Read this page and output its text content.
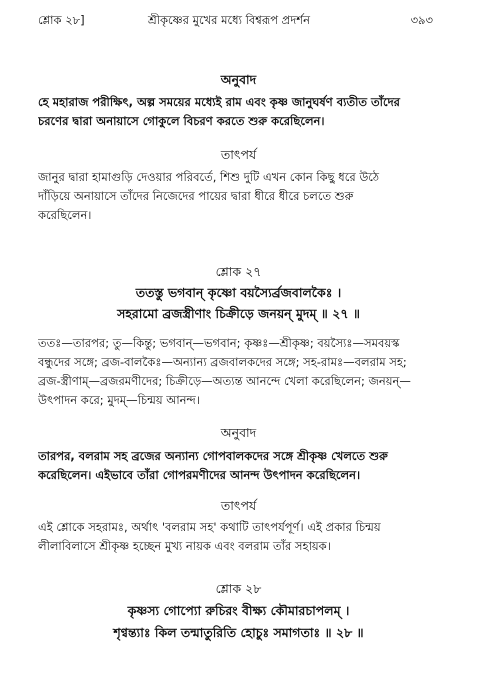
শ্লোক ২৮]	শ্রীকৃষ্ণের মুখের মধ্যে বিশ্বরূপ প্রদর্শন	৩৯৩
অনুবাদ

হে মহারাজ পরীক্ষিৎ, অল্প সময়ের মধ্যেই রাম এবং কৃষ্ণ জানুঘর্ষণ ব্যতীত তাঁদের

চরণের দ্বারা অনায়াসে গোকুলে বিচরণ করতে শুরু করেছিলেন।

তাৎপর্য

জানুর দ্বারা হামাগুড়ি দেওয়ার পরিবর্তে, শিশু দুটি এখন কোন কিছু ধরে উঠে

দাঁড়িয়ে অনায়াসে তাঁদের নিজেদের পায়ের দ্বারা ধীরে ধীরে চলতে শুরু

করেছিলেন।

শ্লোক ২৭
ততস্তু ভগবান্ কৃষ্ণো বয়স্যৈর্ব্রজবালকৈঃ ।
সহরামো ব্রজস্ত্রীণাং চিক্রীড়ে জনয়ন্ মুদম্ ॥ ২৭ ॥

ততঃ—তারপর; তু—কিন্তু; ভগবান্—ভগবান; কৃষ্ণঃ—শ্রীকৃষ্ণ; বয়স্যৈঃ—সমবয়স্ক

বন্ধুদের সঙ্গে; ব্রজ-বালকৈঃ—অন্যান্য ব্রজবালকদের সঙ্গে; সহ-রামঃ—বলরাম সহ;

ব্রজ-স্ত্রীণাম্—ব্রজরমণীদের; চিক্রীড়ে—অত্যন্ত আনন্দে খেলা করেছিলেন; জনয়ন্—

উৎপাদন করে; মুদম্—চিন্ময় আনন্দ।

অনুবাদ

তারপর, বলরাম সহ ব্রজের অন্যান্য গোপবালকদের সঙ্গে শ্রীকৃষ্ণ খেলতে শুরু

করেছিলেন। এইভাবে তাঁরা গোপরমণীদের আনন্দ উৎপাদন করেছিলেন।

তাৎপর্য

এই শ্লোকে সহরামঃ, অর্থাৎ 'বলরাম সহ' কথাটি তাৎপর্যপূর্ণ। এই প্রকার চিন্ময়

লীলাবিলাসে শ্রীকৃষ্ণ হচ্ছেন মুখ্য নায়ক এবং বলরাম তাঁর সহায়ক।

শ্লোক ২৮
কৃষ্ণস্য গোপ্যো রুচিরং বীক্ষ্য কৌমারচাপলম্ ।
শৃণ্বন্ত্যাঃ কিল তন্মাতুরিতি হোচুঃ সমাগতাঃ ॥ ২৮ ॥
